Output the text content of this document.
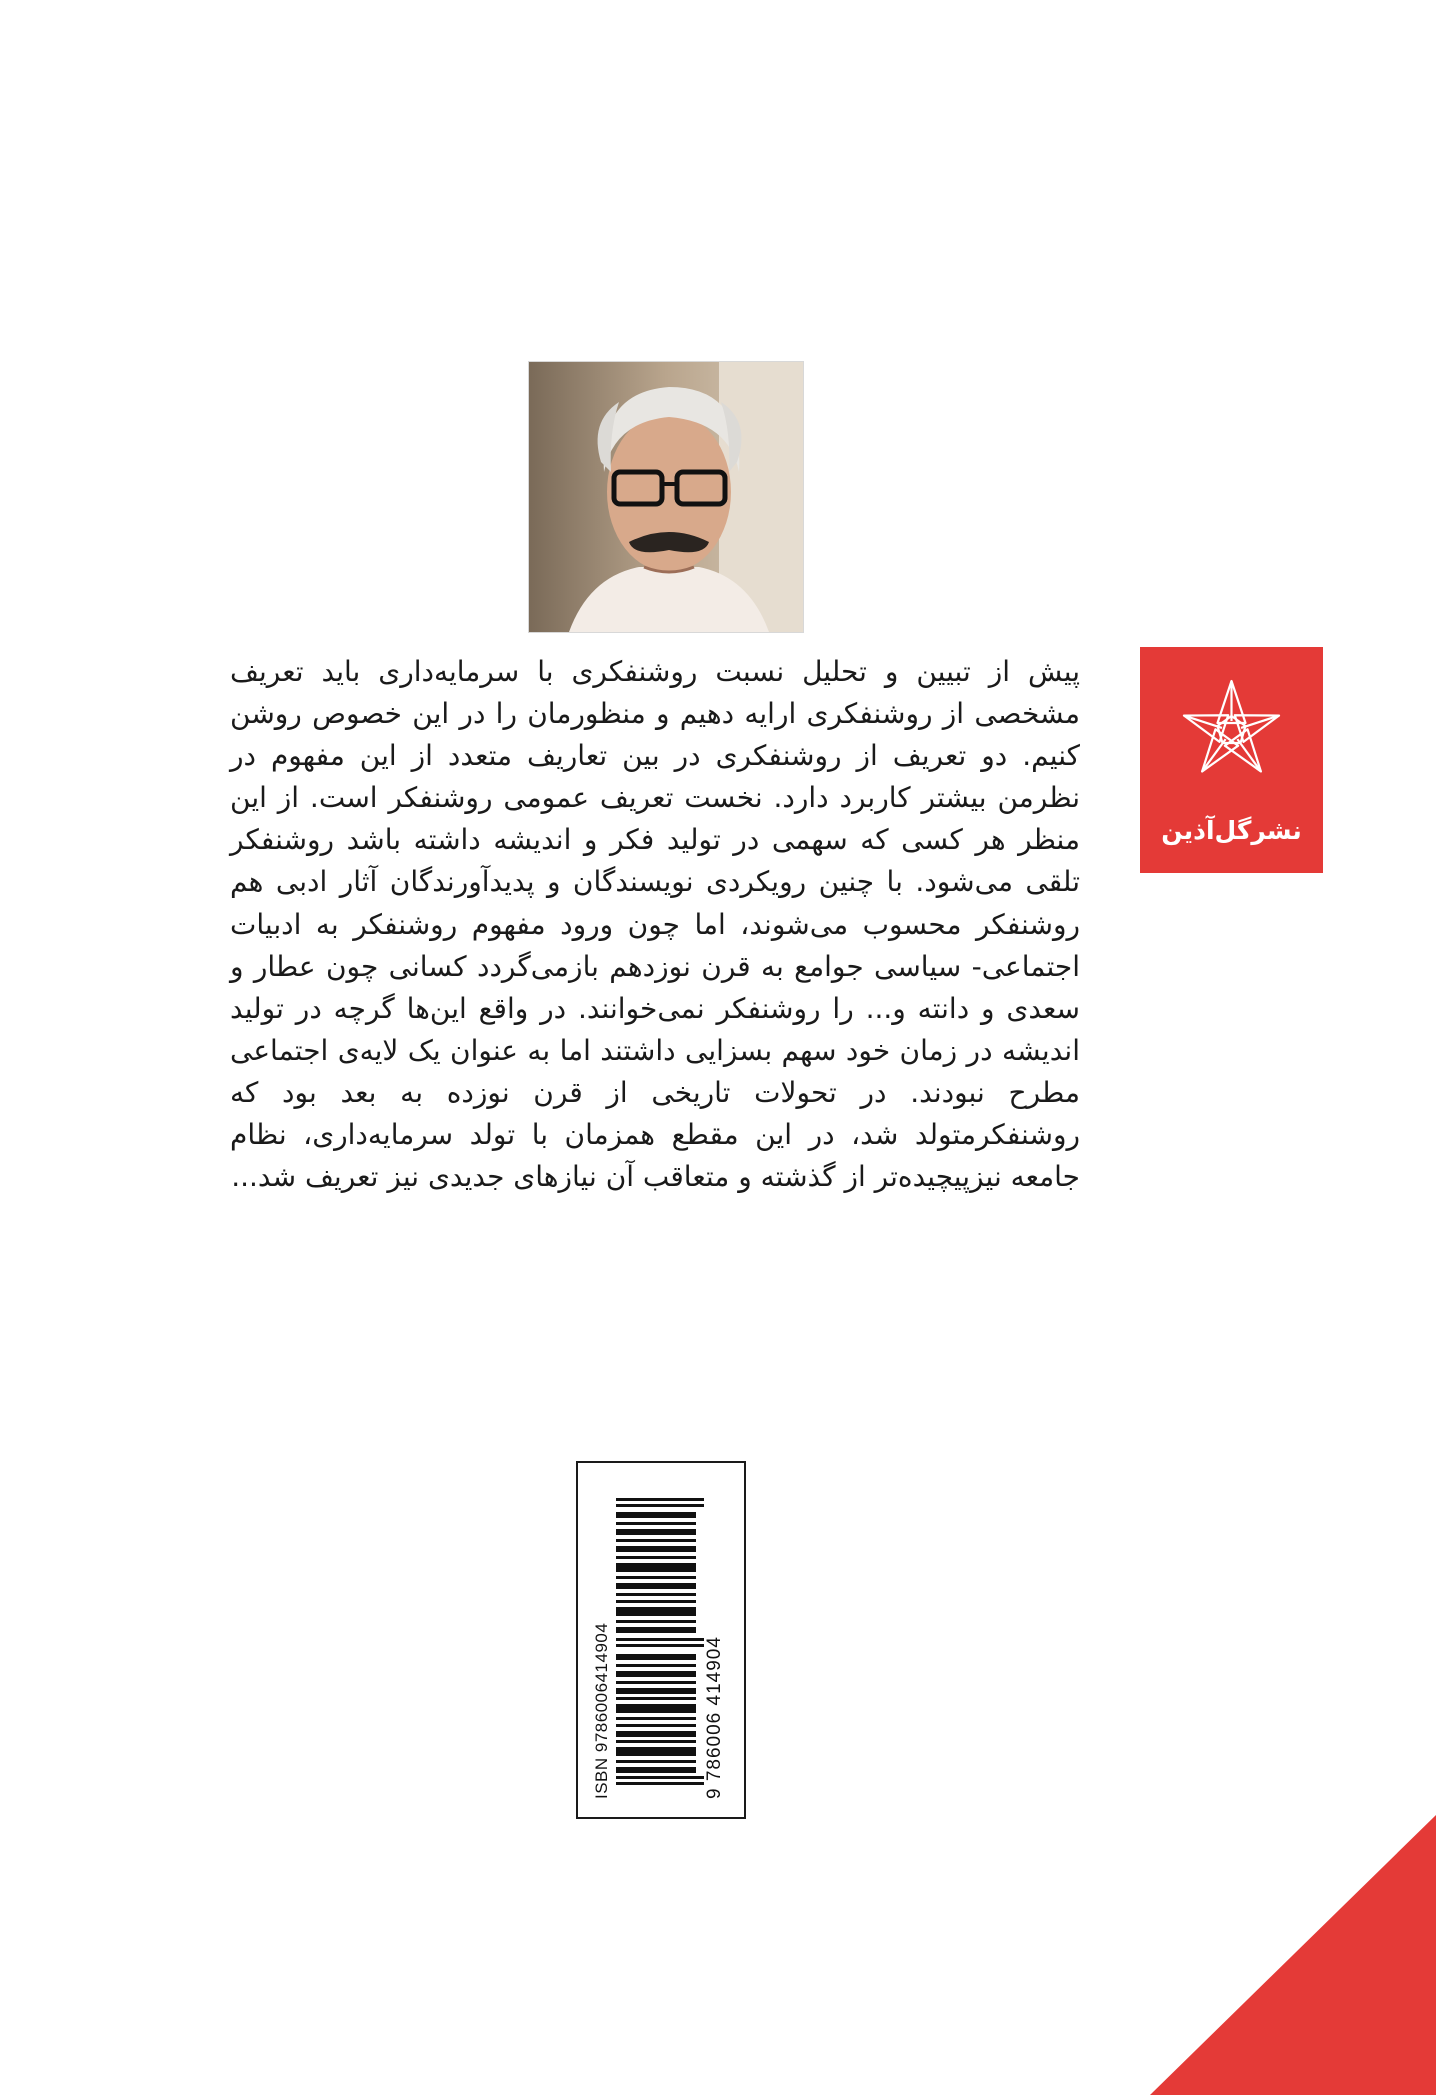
پیش از تبیین و تحلیل نسبت روشنفکری با سرمایه‌داری باید تعریف مشخصی از روشنفکری ارایه دهیم و منظورمان را در این خصوص روشن کنیم. دو تعریف از روشنفکری در بین تعاریف متعدد از این مفهوم در نظرمن بیشتر کاربرد دارد. نخست تعریف عمومی روشنفکر است. از این منظر هر کسی که سهمی در تولید فکر و اندیشه داشته باشد روشنفکر تلقی می‌شود. با چنین رویکردی نویسندگان و پدیدآورندگان آثار ادبی هم روشنفکر محسوب می‌شوند، اما چون ورود مفهوم روشنفکر به ادبیات اجتماعی- سیاسی جوامع به قرن نوزدهم بازمی‌گردد کسانی چون عطار و سعدی و دانته و... را روشنفکر نمی‌خوانند. در واقع این‌ها گرچه در تولید اندیشه در زمان خود سهم بسزایی داشتند اما به عنوان یک لایه‌ی اجتماعی مطرح نبودند. در تحولات تاریخی از قرن نوزده به بعد بود که روشنفکرمتولد شد، در این مقطع همزمان با تولد سرمایه‌داری، نظام جامعه نیزپیچیده‌تر از گذشته و متعاقب آن نیازهای جدیدی نیز تعریف شد...

نشرگل‌آذین
ISBN 9786006414904	9 786006 414904
